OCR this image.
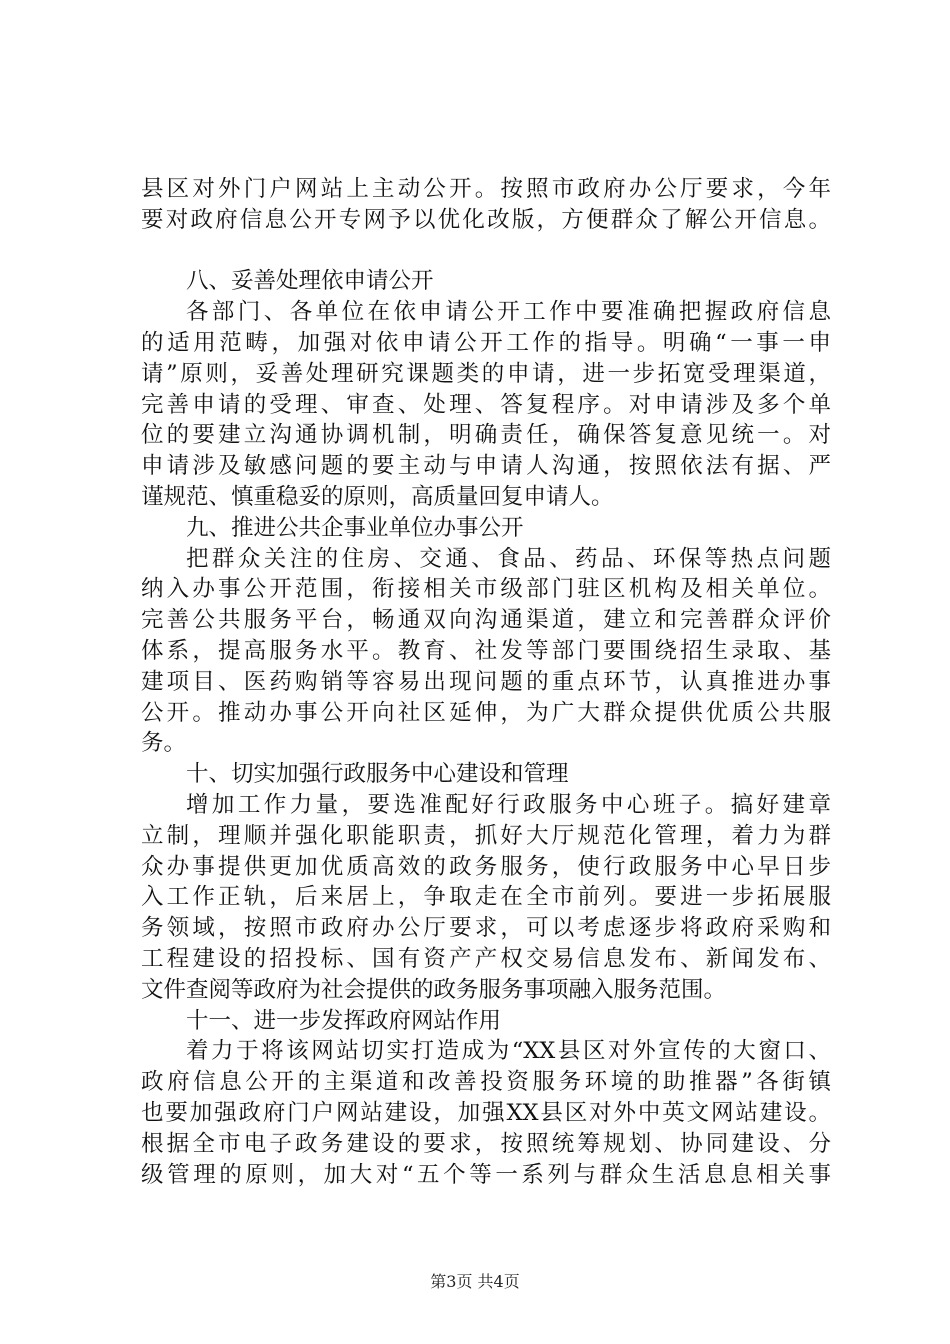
县区对外门户网站上主动公开。按照市政府办公厅要求，今年
要对政府信息公开专网予以优化改版，方便群众了解公开信息。
八、妥善处理依申请公开
各部门、各单位在依申请公开工作中要准确把握政府信息
的适用范畴，加强对依申请公开工作的指导。明确“一事一申
请”原则，妥善处理研究课题类的申请，进一步拓宽受理渠道，
完善申请的受理、审查、处理、答复程序。对申请涉及多个单
位的要建立沟通协调机制，明确责任，确保答复意见统一。对
申请涉及敏感问题的要主动与申请人沟通，按照依法有据、严
谨规范、慎重稳妥的原则，高质量回复申请人。
九、推进公共企事业单位办事公开
把群众关注的住房、交通、食品、药品、环保等热点问题
纳入办事公开范围，衔接相关市级部门驻区机构及相关单位。
完善公共服务平台，畅通双向沟通渠道，建立和完善群众评价
体系，提高服务水平。教育、社发等部门要围绕招生录取、基
建项目、医药购销等容易出现问题的重点环节，认真推进办事
公开。推动办事公开向社区延伸，为广大群众提供优质公共服
务。
十、切实加强行政服务中心建设和管理
增加工作力量，要选准配好行政服务中心班子。搞好建章
立制，理顺并强化职能职责，抓好大厅规范化管理，着力为群
众办事提供更加优质高效的政务服务，使行政服务中心早日步
入工作正轨，后来居上，争取走在全市前列。要进一步拓展服
务领域，按照市政府办公厅要求，可以考虑逐步将政府采购和
工程建设的招投标、国有资产产权交易信息发布、新闻发布、
文件查阅等政府为社会提供的政务服务事项融入服务范围。
十一、进一步发挥政府网站作用
着力于将该网站切实打造成为“XX县区对外宣传的大窗口、
政府信息公开的主渠道和改善投资服务环境的助推器”各街镇
也要加强政府门户网站建设，加强XX县区对外中英文网站建设。
根据全市电子政务建设的要求，按照统筹规划、协同建设、分
级管理的原则，加大对“五个等一系列与群众生活息息相关事
第3页 共4页
